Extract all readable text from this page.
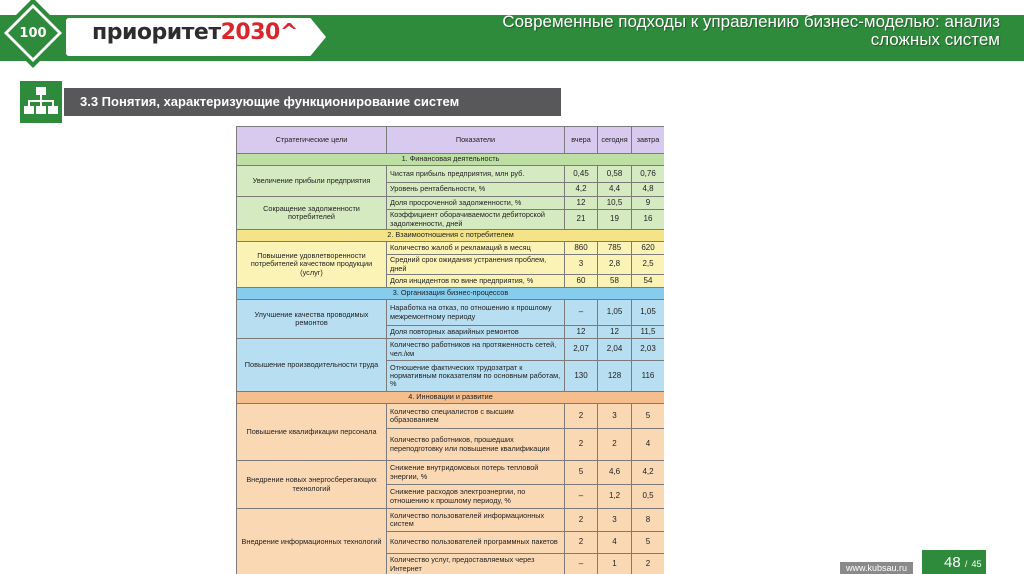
100 приоритет2030^	Современные подходы к управлению бизнес-моделью: анализ сложных систем
3.3 Понятия, характеризующие функционирование систем
Стратегические цели	Показатели	вчера	сегодня	завтра
1. Финансовая деятельность				
Увеличение прибыли предприятия	Чистая прибыль предприятия, млн руб.	0,45	0,58	0,76
	Уровень рентабельности, %	4,2	4,4	4,8
Сокращение задолженности потребителей	Доля просроченной задолженности, %	12	10,5	9
	Коэффициент оборачиваемости дебиторской задолженности, дней	21	19	16
2. Взаимоотношения с потребителем				
Повышение удовлетворенности потребителей качеством продукции (услуг)	Количество жалоб и рекламаций в месяц	860	785	620
	Средний срок ожидания устранения проблем, дней	3	2,8	2,5
	Доля инцидентов по вине предприятия, %	60	58	54
3. Организация бизнес-процессов				
Улучшение качества проводимых ремонтов	Наработка на отказ, по отношению к прошлому межремонтному периоду	–	1,05	1,05
	Доля повторных аварийных ремонтов	12	12	11,5
Повышение производительности труда	Количество работников на протяженность сетей, чел./км	2,07	2,04	2,03
	Отношение фактических трудозатрат к нормативным показателям по основным работам, %	130	128	116
4. Инновации и развитие				
Повышение квалификации персонала	Количество специалистов с высшим образованием	2	3	5
	Количество работников, прошедших переподготовку или повышение квалификации	2	2	4
Внедрение новых энергосберегающих технологий	Снижение внутридомовых потерь тепловой энергии, %	5	4,6	4,2
	Снижение расходов электроэнергии, по отношению к прошлому периоду, %	–	1,2	0,5
Внедрение информационных технологий	Количество пользователей информационных систем	2	3	8
	Количество пользователей программных пакетов	2	4	5
	Количество услуг, предоставляемых через Интернет	–	1	2	www.kubsau.ru	48 / 45
